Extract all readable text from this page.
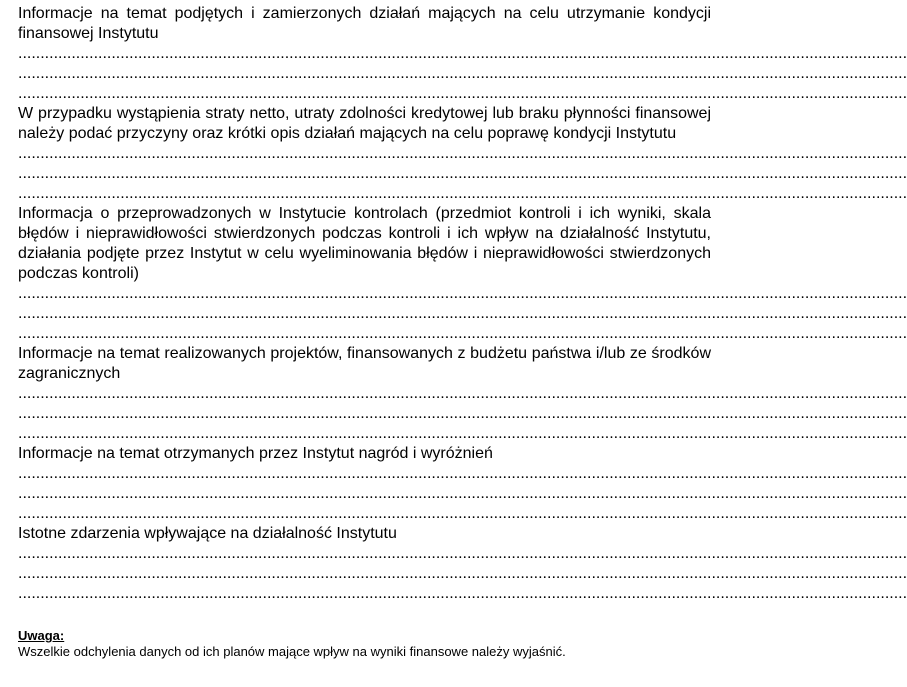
Informacje na temat podjętych i zamierzonych działań mających na celu utrzymanie kondycji finansowej Instytutu

........................................................................................................................................................................................................
........................................................................................................................................................................................................
........................................................................................................................................................................................................

W przypadku wystąpienia straty netto, utraty zdolności kredytowej lub braku płynności finansowej należy podać przyczyny oraz krótki opis działań mających na celu poprawę kondycji Instytutu

........................................................................................................................................................................................................
........................................................................................................................................................................................................
........................................................................................................................................................................................................

Informacja o przeprowadzonych w Instytucie kontrolach (przedmiot kontroli i ich wyniki, skala błędów i nieprawidłowości stwierdzonych podczas kontroli i ich wpływ na działalność Instytutu, działania podjęte przez Instytut w celu wyeliminowania błędów i nieprawidłowości stwierdzonych podczas kontroli)

........................................................................................................................................................................................................
........................................................................................................................................................................................................
........................................................................................................................................................................................................

Informacje na temat realizowanych projektów, finansowanych z budżetu państwa i/lub ze środków zagranicznych

........................................................................................................................................................................................................
........................................................................................................................................................................................................
........................................................................................................................................................................................................

Informacje na temat otrzymanych przez Instytut nagród i wyróżnień

........................................................................................................................................................................................................
........................................................................................................................................................................................................
........................................................................................................................................................................................................

Istotne zdarzenia wpływające na działalność Instytutu

........................................................................................................................................................................................................
........................................................................................................................................................................................................
........................................................................................................................................................................................................
Uwaga:
Wszelkie odchylenia danych od ich planów mające wpływ na wyniki finansowe należy wyjaśnić.
